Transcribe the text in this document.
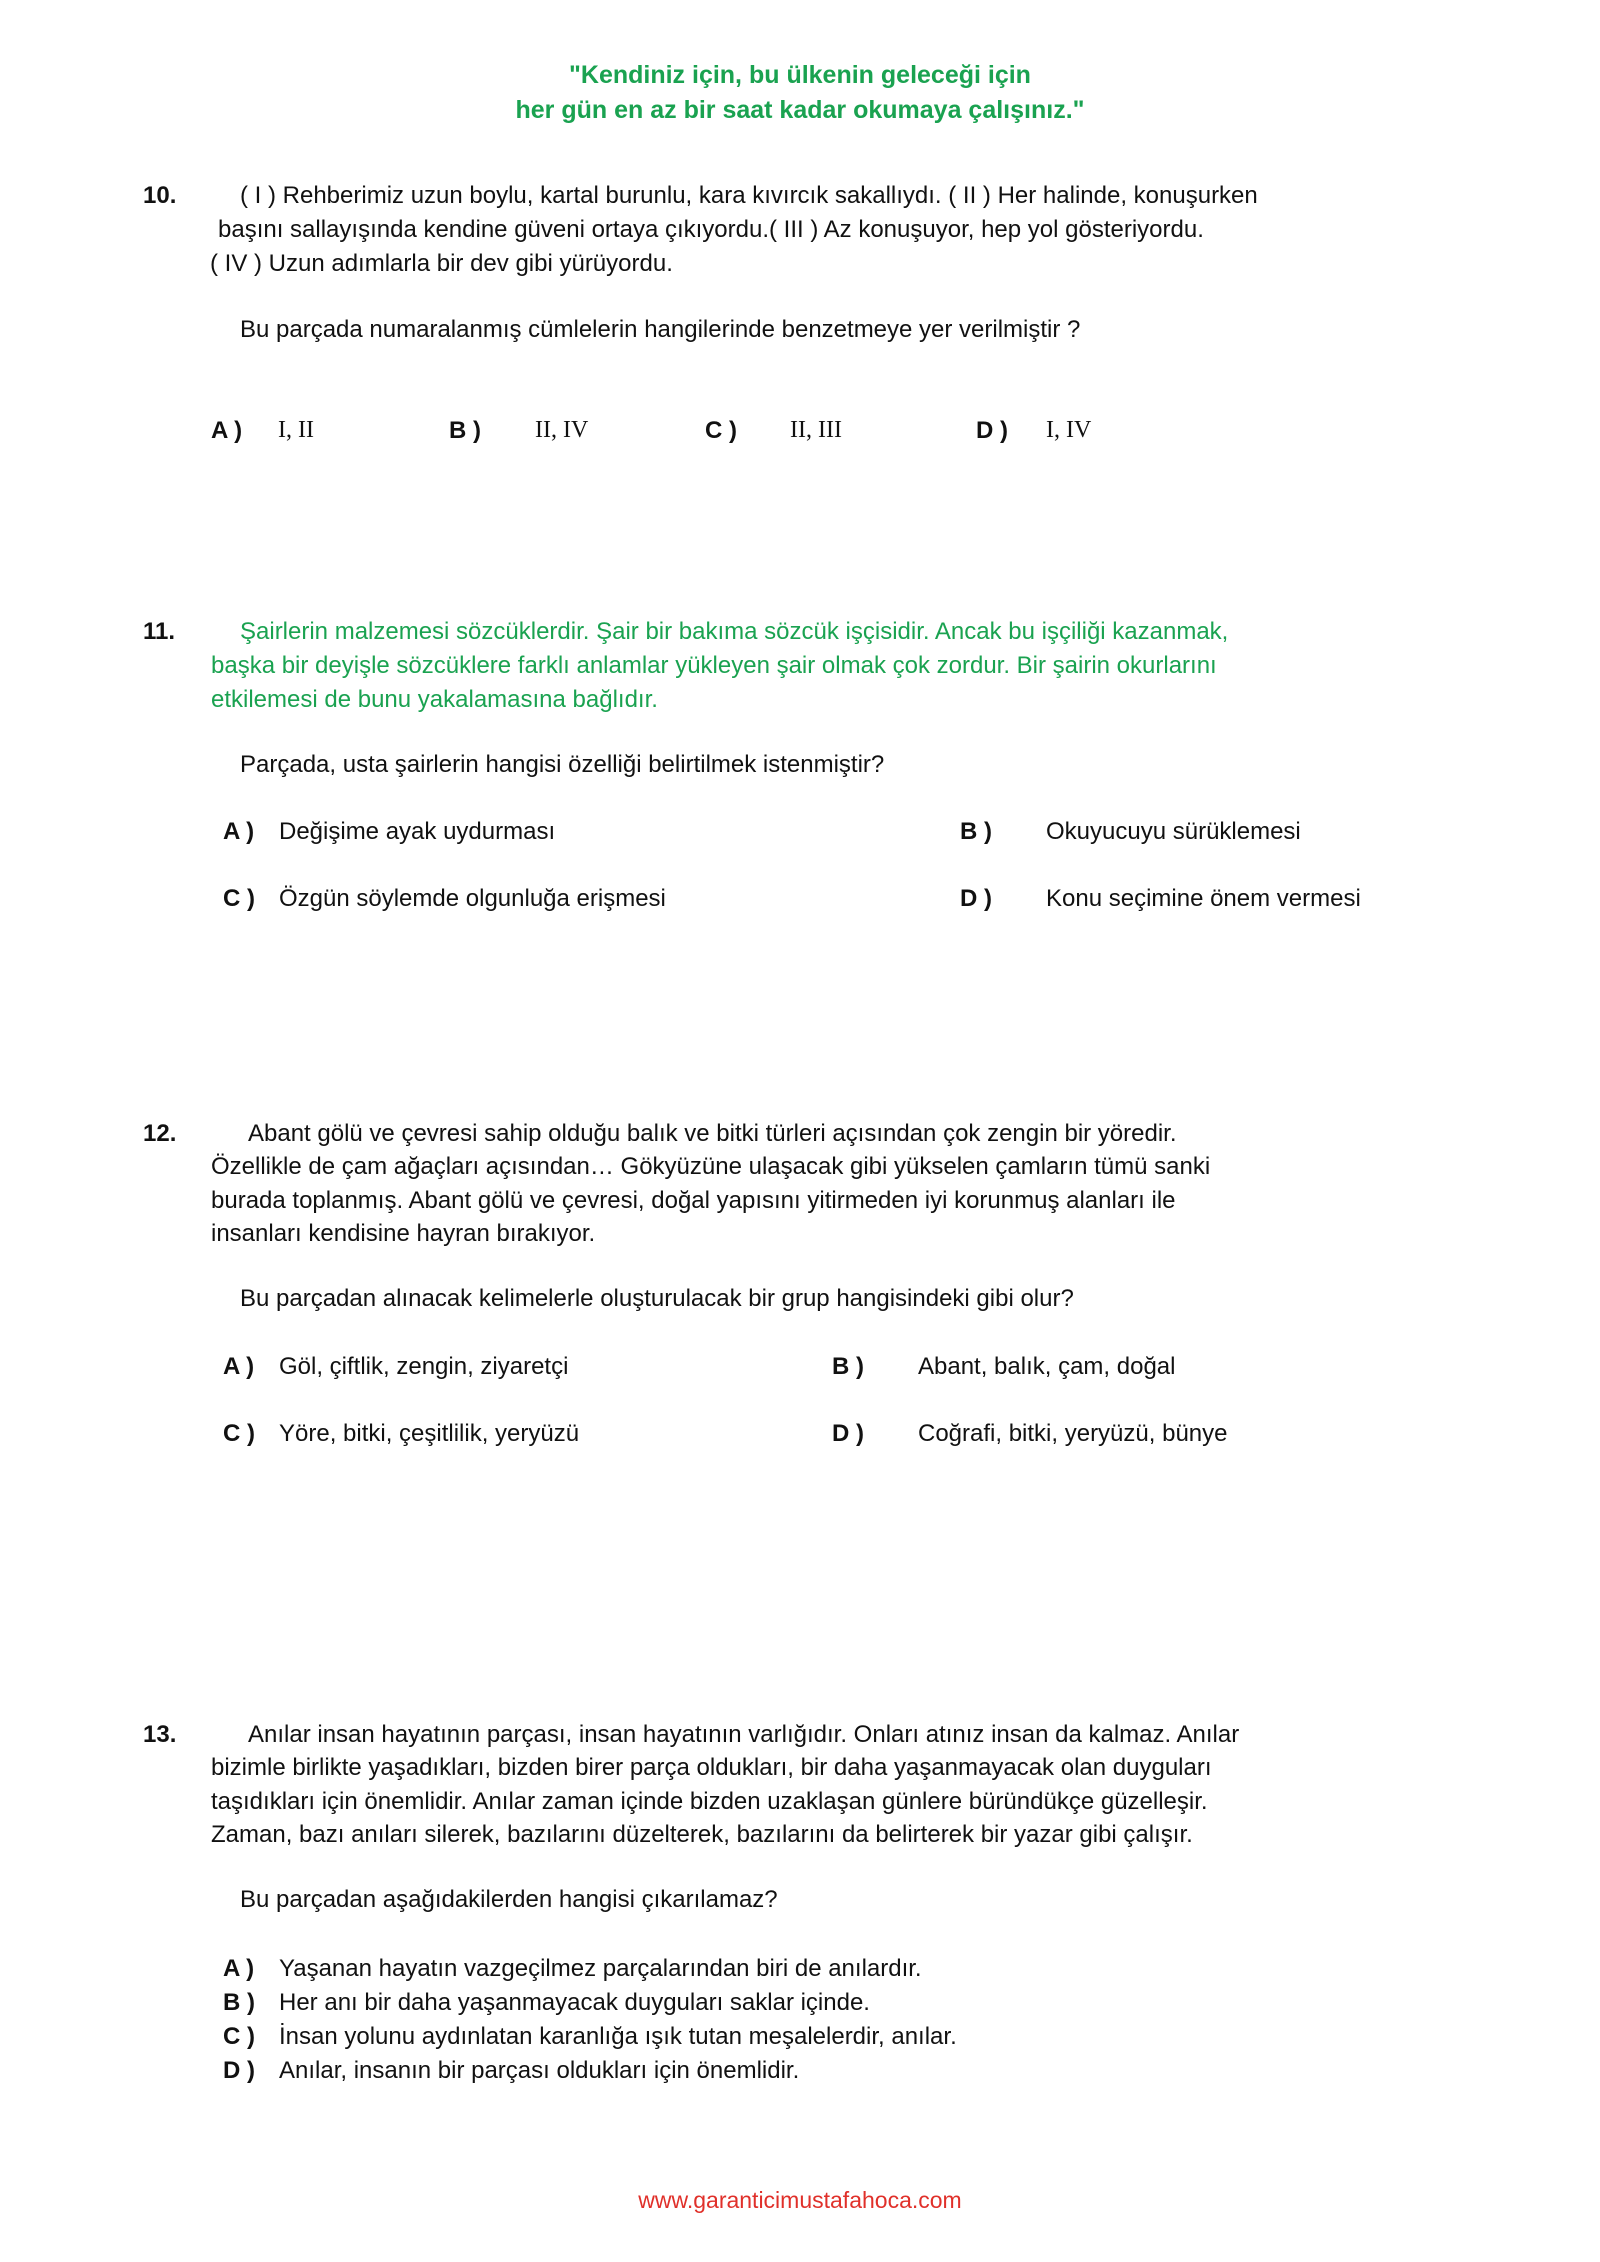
"Kendiniz için, bu ülkenin geleceği için
her gün en az bir saat kadar okumaya çalışınız."
10.	( I ) Rehberimiz uzun boylu, kartal burunlu, kara kıvırcık sakallıydı. ( II ) Her halinde, konuşurken
başını sallayışında kendine güveni ortaya çıkıyordu.( III ) Az konuşuyor, hep yol gösteriyordu.
( IV ) Uzun adımlarla bir dev gibi yürüyordu.
Bu parçada numaralanmış cümlelerin hangilerinde benzetmeye yer verilmiştir ?
A ) I, II	B ) II, IV	C ) II, III	D ) I, IV
11.	Şairlerin malzemesi sözcüklerdir. Şair bir bakıma sözcük işçisidir. Ancak bu işçiliği kazanmak,
başka bir deyişle sözcüklere farklı anlamlar yükleyen şair olmak çok zordur. Bir şairin okurlarını
etkilemesi de bunu yakalamasına bağlıdır.
Parçada, usta şairlerin hangisi özelliği belirtilmek istenmiştir?
A ) Değişime ayak uydurması	B ) Okuyucuyu sürüklemesi
C ) Özgün söylemde olgunluğa erişmesi	D ) Konu seçimine önem vermesi
12.	Abant gölü ve çevresi sahip olduğu balık ve bitki türleri açısından çok zengin bir yöredir.
Özellikle de çam ağaçları açısından… Gökyüzüne ulaşacak gibi yükselen çamların tümü sanki
burada toplanmış. Abant gölü ve çevresi, doğal yapısını yitirmeden iyi korunmuş alanları ile
insanları kendisine hayran bırakıyor.
Bu parçadan alınacak kelimelerle oluşturulacak bir grup hangisindeki gibi olur?
A ) Göl, çiftlik, zengin, ziyaretçi	B ) Abant, balık, çam, doğal
C ) Yöre, bitki, çeşitlilik, yeryüzü	D ) Coğrafi, bitki, yeryüzü, bünye
13.	Anılar insan hayatının parçası, insan hayatının varlığıdır. Onları atınız insan da kalmaz. Anılar
bizimle birlikte yaşadıkları, bizden birer parça oldukları, bir daha yaşanmayacak olan duyguları
taşıdıkları için önemlidir. Anılar zaman içinde bizden uzaklaşan günlere büründükçe güzelleşir.
Zaman, bazı anıları silerek, bazılarını düzelterek, bazılarını da belirterek bir yazar gibi çalışır.
Bu parçadan aşağıdakilerden hangisi çıkarılamaz?
A ) Yaşanan hayatın vazgeçilmez parçalarından biri de anılardır.
B ) Her anı bir daha yaşanmayacak duyguları saklar içinde.
C ) İnsan yolunu aydınlatan karanlığa ışık tutan meşalelerdir, anılar.
D ) Anılar, insanın bir parçası oldukları için önemlidir.
www.garanticimustafahoca.com
